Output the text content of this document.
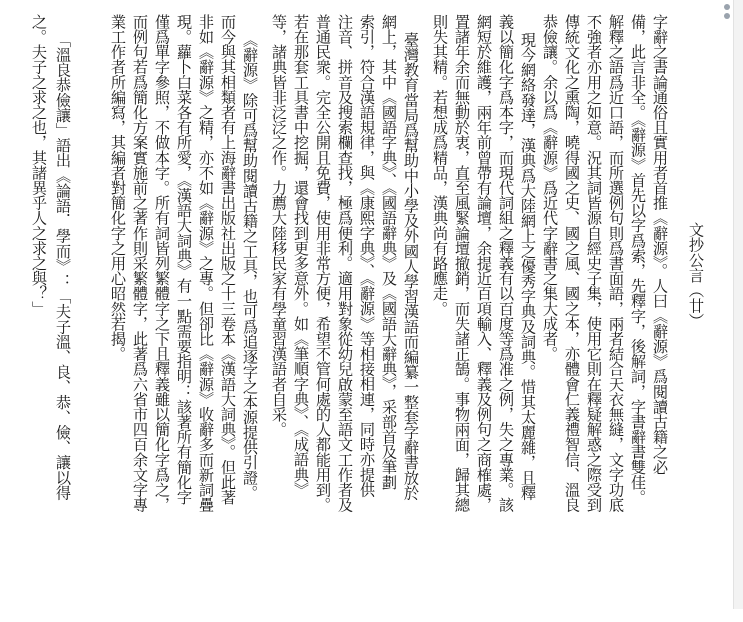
文抄公言（廿）
字辭之書論通俗且實用者首推《辭源》。人曰《辭源》爲閱讀古籍之必
備，此言非全。《辭源》首先以字爲索，先釋字，後解詞，字書辭書雙佳。
解釋之語爲近口語，而所選例句則爲書面語，兩者結合天衣無縫，文字功底
不強者亦用之如意。況其詞皆源自經史子集，使用它則在釋疑解惑之際受到
傳統文化之熏陶，曉得國之史、國之風、國之本，亦體會仁義禮智信、溫良
恭儉讓。余以爲《辭源》爲近代字辭書之集大成者。
現今網絡發達，漢典爲大陸網上之優秀字典及詞典。惜其太麗雜，且釋
義以簡化字爲本字，而現代詞組之釋義有以百度等爲准之例，失之專業。該
網短於維護，兩年前曾帶有論壇，余提近百項輸入、釋義及例句之商榷處，
置諸年余而無動於衷，直至風緊論壇撤銷，而失諸正鵠。事物兩面，歸其總
則失其精。若想成爲精品，漢典尚有路應走。
臺灣教育當局爲幫助中小學及外國人學習漢語而編纂一整套字辭書放於
網上，其中《國語字典》、《國語辭典》及《國語大辭典》，采部首及筆劃
索引，符合漢語規律，與《康熙字典》、《辭源》等相接相連，同時亦提供
注音、拼音及搜索欄查找，極爲便利。適用對象從幼兒啟蒙至語文工作者及
普通民衆。完全公開且免費，使用非常方便，希望不管何處的人都能用到。
若在那套工具書中挖掘，還會找到更多意外。如《筆順字典》、《成語典》
等，諸典皆非泛泛之作。力薦大陸移民家有學童習漢語者自采。
《辭源》除可爲幫助閱讀古籍之工具，也可爲追逐字之本源提供引證。
而今與其相類者有上海辭書出版社出版之十三卷本《漢語大詞典》。但此著
非如《辭源》之精，亦不如《辭源》之專。但卻比《辭源》收辭多而新詞疊
現。蘿卜白菜各有所愛，《漢語大詞典》有一點需要指明：該著所有簡化字
僅爲單字參照，不做本字。所有詞皆列繁體字之下且釋義雖以簡化字爲之，
而例句若爲簡化方案實施前之著作則采繁體字，此著爲六省市四百余文字專
業工作者所編寫，其編者對簡化字之用心昭然若揭。
「溫良恭儉讓」語出《論語．學而》：「夫子溫、良、恭、儉、讓以得
之。夫子之求之也，其諸異乎人之求之與？」
